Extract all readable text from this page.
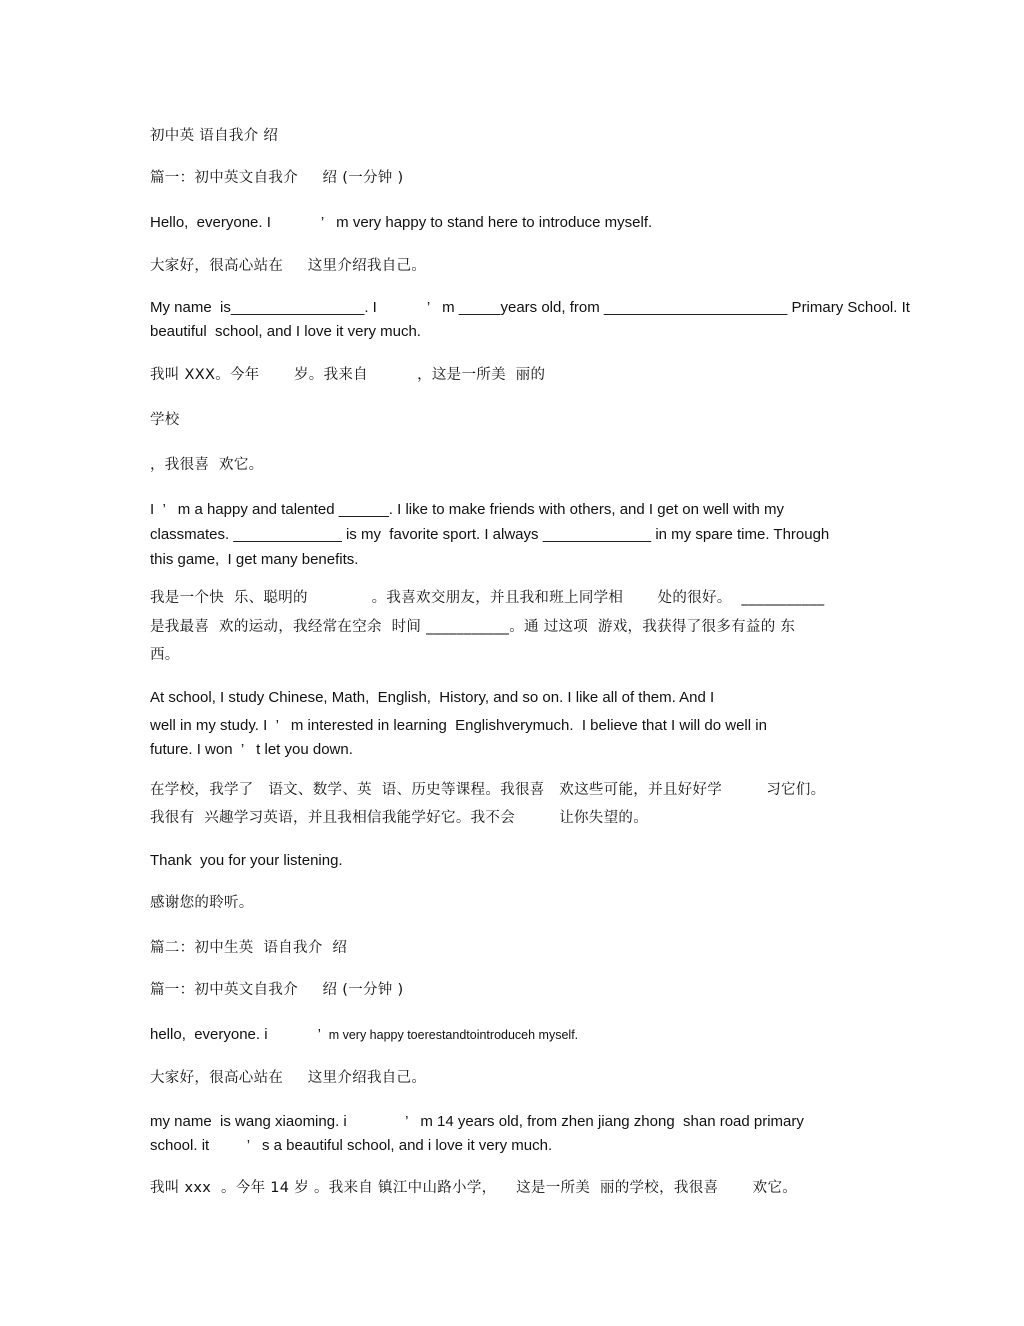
初中英 语自我介 绍
篇一：初中英文自我介     绍 (一分钟 )
Hello,  everyone. I            ’   m very happy to stand here to introduce myself.
大家好，很高心站在     这里介绍我自己。
My name  is________________. I            ’   m _____years old, from ______________________ Primary School. It
beautiful  school, and I love it very much.
我叫 XXX。今年       岁。我来自          ，这是一所美  丽的
学校
，我很喜  欢它。
I  ’   m a happy and talented ______. I like to make friends with others, and I get on well with my
classmates. _____________ is my  favorite sport. I always _____________ in my spare time. Through
this game,  I get many benefits.
我是一个快  乐、聪明的             。我喜欢交朋友，并且我和班上同学相       处的很好。  ___________
是我最喜  欢的运动，我经常在空余  时间 ___________。通 过这项  游戏，我获得了很多有益的 东
西。
At school, I study Chinese, Math,  English,  History, and so on. I like all of them. And I
well in my study. I  ’   m interested in learning  Englishverymuch.  I believe that I will do well in
future. I won  ’   t let you down.
在学校，我学了   语文、数学、英  语、历史等课程。我很喜   欢这些可能，并且好好学         习它们。
我很有  兴趣学习英语，并且我相信我能学好它。我不会         让你失望的。
Thank  you for your listening.
感谢您的聆听。
篇二：初中生英  语自我介  绍
篇一：初中英文自我介     绍 (一分钟 )
hello,  everyone. i            ’  m very happy toerestandtointroduceh myself.
大家好，很高心站在     这里介绍我自己。
my name  is wang xiaoming. i              ’   m 14 years old, from zhen jiang zhong  shan road primary
school. it         ’   s a beautiful school, and i love it very much.
我叫 xxx  。今年 14 岁 。我来自 镇江中山路小学，    这是一所美  丽的学校，我很喜       欢它。
